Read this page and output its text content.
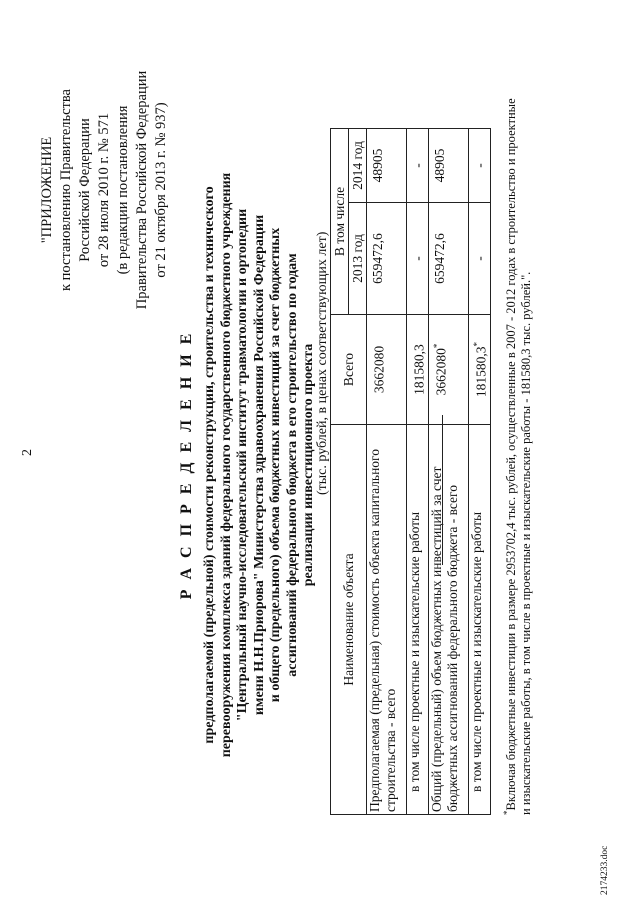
2
"ПРИЛОЖЕНИЕ к постановлению Правительства Российской Федерации от 28 июля 2010 г. № 571 (в редакции постановления Правительства Российской Федерации от 21 октября 2013 г. № 937)
Р А С П Р Е Д Е Л Е Н И Е предполагаемой (предельной) стоимости реконструкции, строительства и технического перевооружения комплекса зданий федерального государственного бюджетного учреждения "Центральный научно-исследовательский институт травматологии и ортопедии имени Н.Н.Приорова" Министерства здравоохранения Российской Федерации и общего (предельного) объема бюджетных инвестиций за счет бюджетных ассигнований федерального бюджета в его строительство по годам реализации инвестиционного проекта (тыс. рублей, в ценах соответствующих лет)
Наименование объекта	Всего	В том числе	
		2013 год	2014 год
Предполагаемая (предельная) стоимость объекта капитального строительства - всего	3662080	659472,6	48905
в том числе проектные и изыскательские работы	181580,3	-	-
Общий (предельный) объем бюджетных инвестиций за счет бюджетных ассигнований федерального бюджета - всего	3662080*	659472,6	48905
в том числе проектные и изыскательские работы	181580,3*	-	-
*Включая бюджетные инвестиции в размере 2953702,4 тыс. рублей, осуществленные в 2007 - 2012 годах в строительство и проектные и изыскательские работы, в том числе в проектные и изыскательские работы - 181580,3 тыс. рублей.".
2174233.doc
